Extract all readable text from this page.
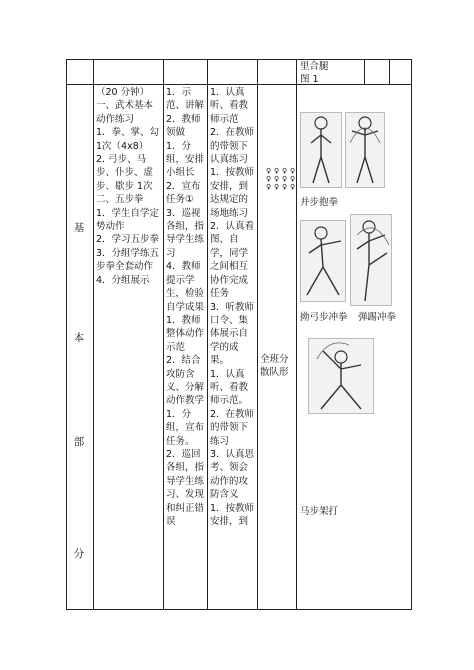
里合腿

图 1

基
本
部
分

（20 分钟）

一、武术基本动作练习

1．拳、掌、勾 1次（4x8）

2. 弓步、马步、仆步、虚步、歇步 1次

二、五步拳

1．学生自学定势动作

2．学习五步拳

3．分组学练五步拳全套动作

4．分组展示

1．示范、讲解

2．教师领做

1．分组，安排小组长

2．宣布任务①

3．巡视各组，指导学生练习

4．教师提示学生，检验自学成果

1．教师整体动作示范

2．结合攻防含义、分解动作教学

1．分组，宣布任务。

2．巡回各组，指导学生练习、发现和纠正错误

1．认真听、看教师示范

2．在教师的带领下认真练习

1．按教师安排，到达规定的场地练习

2．认真看图、自学，同学之间相互协作完成任务

3．听教师口令、集体展示自学的成果。

1．认真听、看教师示范。

2．在教师的带领下练习

3．认真思考、领会动作的攻防含义

1．按教师安排，到

♀ ♀ ♀ ♀
♀ ♀ ♀ ♀
♀ ♀ ♀ ♀
全班分散队形
并步抱拳
拗弓步冲拳 弹踢冲拳
马步架打
